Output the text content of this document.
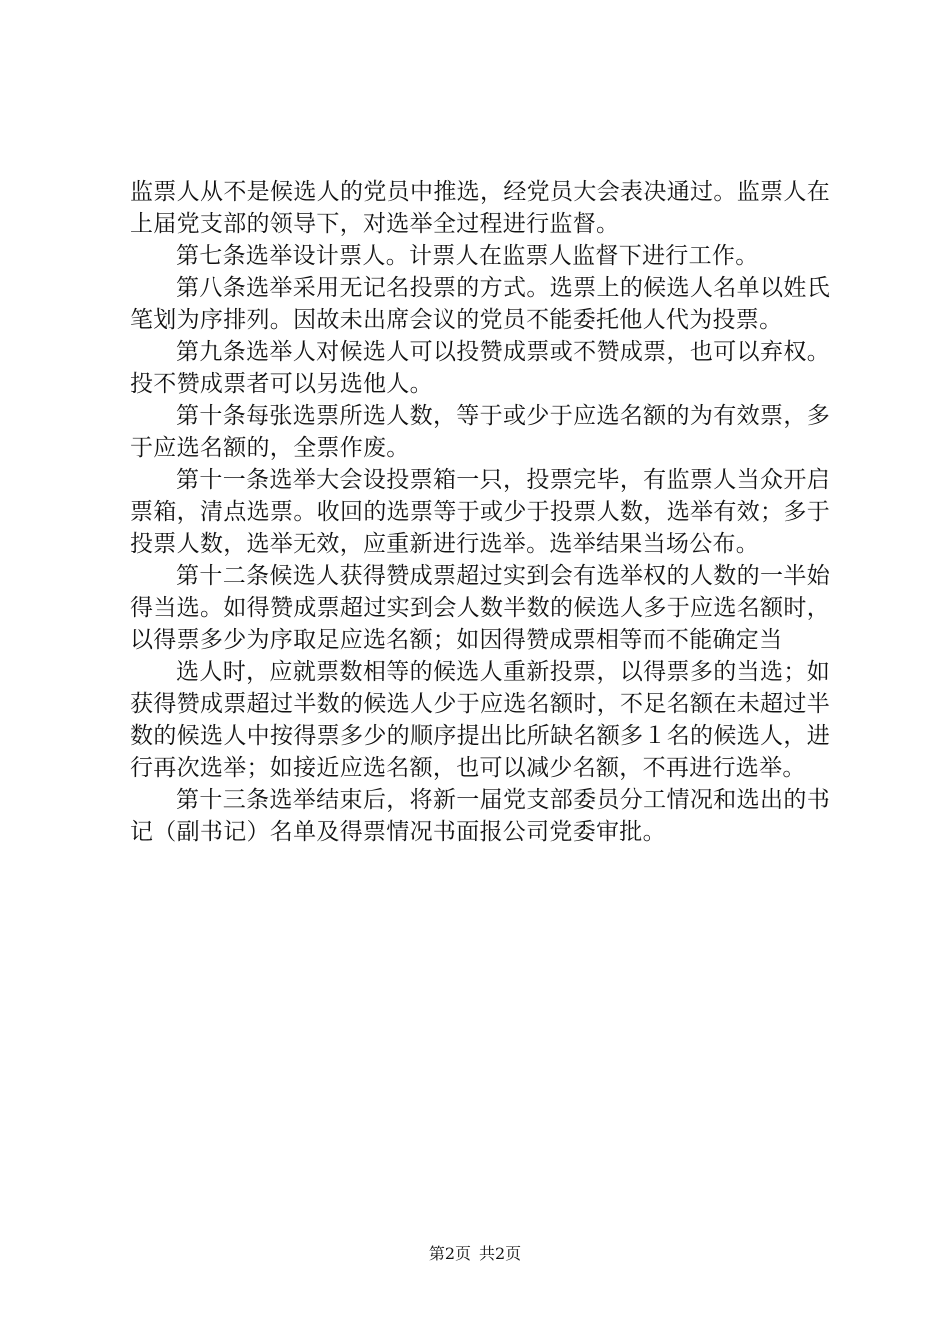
监票人从不是候选人的党员中推选，经党员大会表决通过。监票人在上届党支部的领导下，对选举全过程进行监督。

第七条选举设计票人。计票人在监票人监督下进行工作。

第八条选举采用无记名投票的方式。选票上的候选人名单以姓氏笔划为序排列。因故未出席会议的党员不能委托他人代为投票。

第九条选举人对候选人可以投赞成票或不赞成票，也可以弃权。投不赞成票者可以另选他人。

第十条每张选票所选人数，等于或少于应选名额的为有效票，多于应选名额的，全票作废。

第十一条选举大会设投票箱一只，投票完毕，有监票人当众开启票箱，清点选票。收回的选票等于或少于投票人数，选举有效；多于投票人数，选举无效，应重新进行选举。选举结果当场公布。

第十二条候选人获得赞成票超过实到会有选举权的人数的一半始得当选。如得赞成票超过实到会人数半数的候选人多于应选名额时，以得票多少为序取足应选名额；如因得赞成票相等而不能确定当

选人时，应就票数相等的候选人重新投票，以得票多的当选；如获得赞成票超过半数的候选人少于应选名额时，不足名额在未超过半数的候选人中按得票多少的顺序提出比所缺名额多１名的候选人，进行再次选举；如接近应选名额，也可以减少名额，不再进行选举。

第十三条选举结束后，将新一届党支部委员分工情况和选出的书记（副书记）名单及得票情况书面报公司党委审批。

第2页 共2页
